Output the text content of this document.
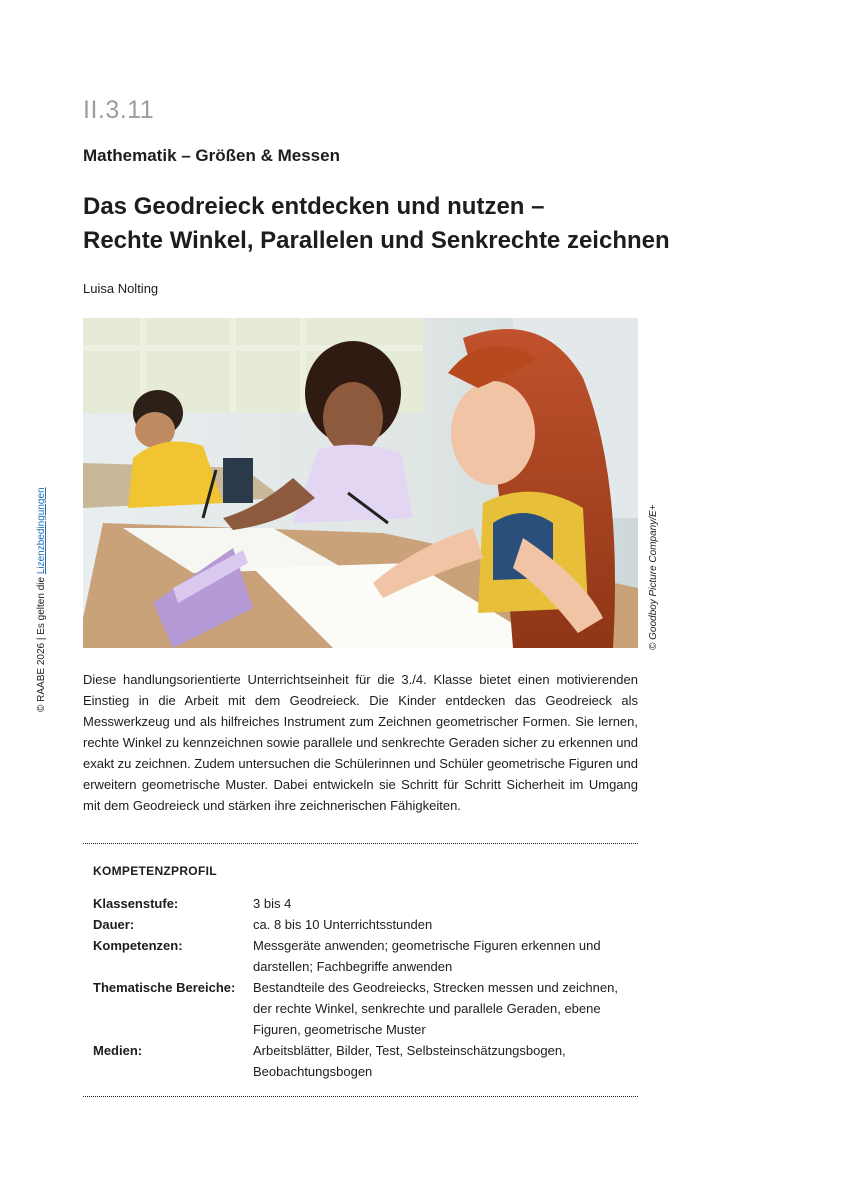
II.3.11
Mathematik – Größen & Messen
Das Geodreieck entdecken und nutzen –
Rechte Winkel, Parallelen und Senkrechte zeichnen
Luisa Nolting
© Goodboy Picture Company/E+
© RAABE 2026 | Es gelten die Lizenzbedingungen
Diese handlungsorientierte Unterrichtseinheit für die 3./4. Klasse bietet einen motivierenden Einstieg in die Arbeit mit dem Geodreieck. Die Kinder entdecken das Geodreieck als Messwerkzeug und als hilfreiches Instrument zum Zeichnen geometrischer Formen. Sie lernen, rechte Winkel zu kennzeichnen sowie parallele und senkrechte Geraden sicher zu erkennen und exakt zu zeichnen. Zudem untersuchen die Schülerinnen und Schüler geometrische Figuren und erweitern geometrische Muster. Dabei entwickeln sie Schritt für Schritt Sicherheit im Umgang mit dem Geodreieck und stärken ihre zeichnerischen Fähigkeiten.
KOMPETENZPROFIL
Klassenstufe:	3 bis 4
Dauer:	ca. 8 bis 10 Unterrichtsstunden
Kompetenzen:	Messgeräte anwenden; geometrische Figuren erkennen und darstellen; Fachbegriffe anwenden
Thematische Bereiche:	Bestandteile des Geodreiecks, Strecken messen und zeichnen, der rechte Winkel, senkrechte und parallele Geraden, ebene Figuren, geometrische Muster
Medien:	Arbeitsblätter, Bilder, Test, Selbsteinschätzungsbogen, Beobachtungsbogen
